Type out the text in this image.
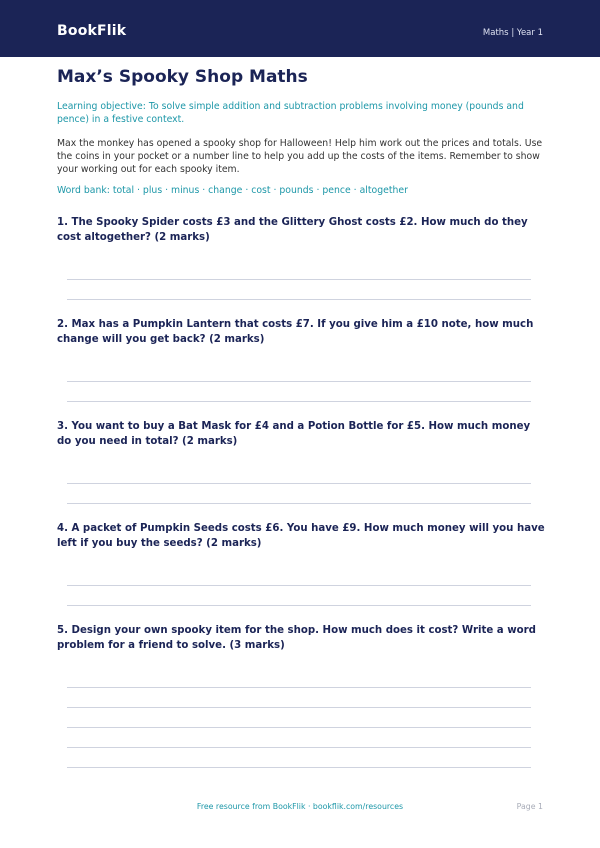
BookFlik	Maths | Year 1
Max’s Spooky Shop Maths
Learning objective: To solve simple addition and subtraction problems involving money (pounds and pence) in a festive context.
Max the monkey has opened a spooky shop for Halloween! Help him work out the prices and totals. Use the coins in your pocket or a number line to help you add up the costs of the items. Remember to show your working out for each spooky item.
Word bank: total · plus · minus · change · cost · pounds · pence · altogether
1. The Spooky Spider costs £3 and the Glittery Ghost costs £2. How much do they cost altogether? (2 marks)
2. Max has a Pumpkin Lantern that costs £7. If you give him a £10 note, how much change will you get back? (2 marks)
3. You want to buy a Bat Mask for £4 and a Potion Bottle for £5. How much money do you need in total? (2 marks)
4. A packet of Pumpkin Seeds costs £6. You have £9. How much money will you have left if you buy the seeds? (2 marks)
5. Design your own spooky item for the shop. How much does it cost? Write a word problem for a friend to solve. (3 marks)
Free resource from BookFlik · bookflik.com/resources	Page 1
